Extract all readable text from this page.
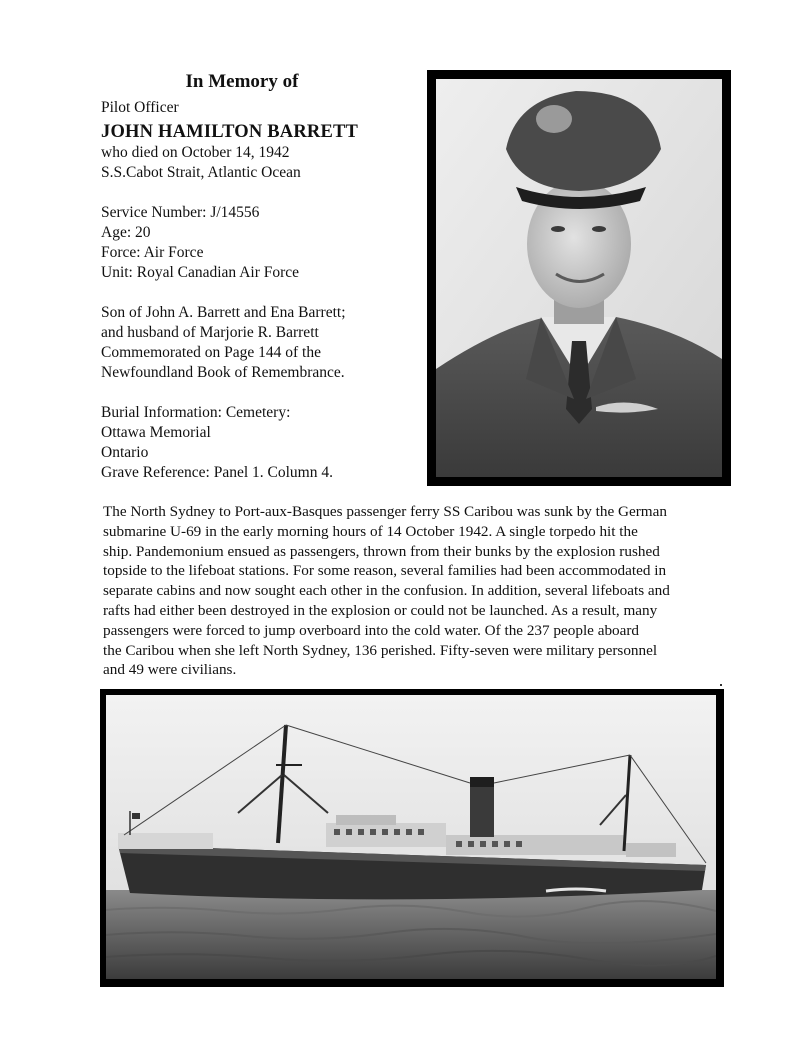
In Memory of
Pilot Officer
JOHN HAMILTON BARRETT
who died on October 14, 1942
S.S.Cabot Strait, Atlantic Ocean
Service Number: J/14556
Age: 20
Force: Air Force
Unit: Royal Canadian Air Force
Son of John A. Barrett and Ena Barrett;
and husband of Marjorie R. Barrett
Commemorated on Page 144 of the
Newfoundland Book of Remembrance.
Burial Information: Cemetery:
Ottawa Memorial
Ontario
Grave Reference: Panel 1. Column 4.

The North Sydney to Port-aux-Basques passenger ferry SS Caribou was sunk by the German

submarine U-69 in the early morning hours of 14 October 1942. A single torpedo hit the

ship. Pandemonium ensued as passengers, thrown from their bunks by the explosion rushed

topside to the lifeboat stations. For some reason, several families had been accommodated in

separate cabins and now sought each other in the confusion. In addition, several lifeboats and

rafts had either been destroyed in the explosion or could not be launched. As a result, many

passengers were forced to jump overboard into the cold water. Of the 237 people aboard

the Caribou when she left North Sydney, 136 perished. Fifty-seven were military personnel

and 49 were civilians.
